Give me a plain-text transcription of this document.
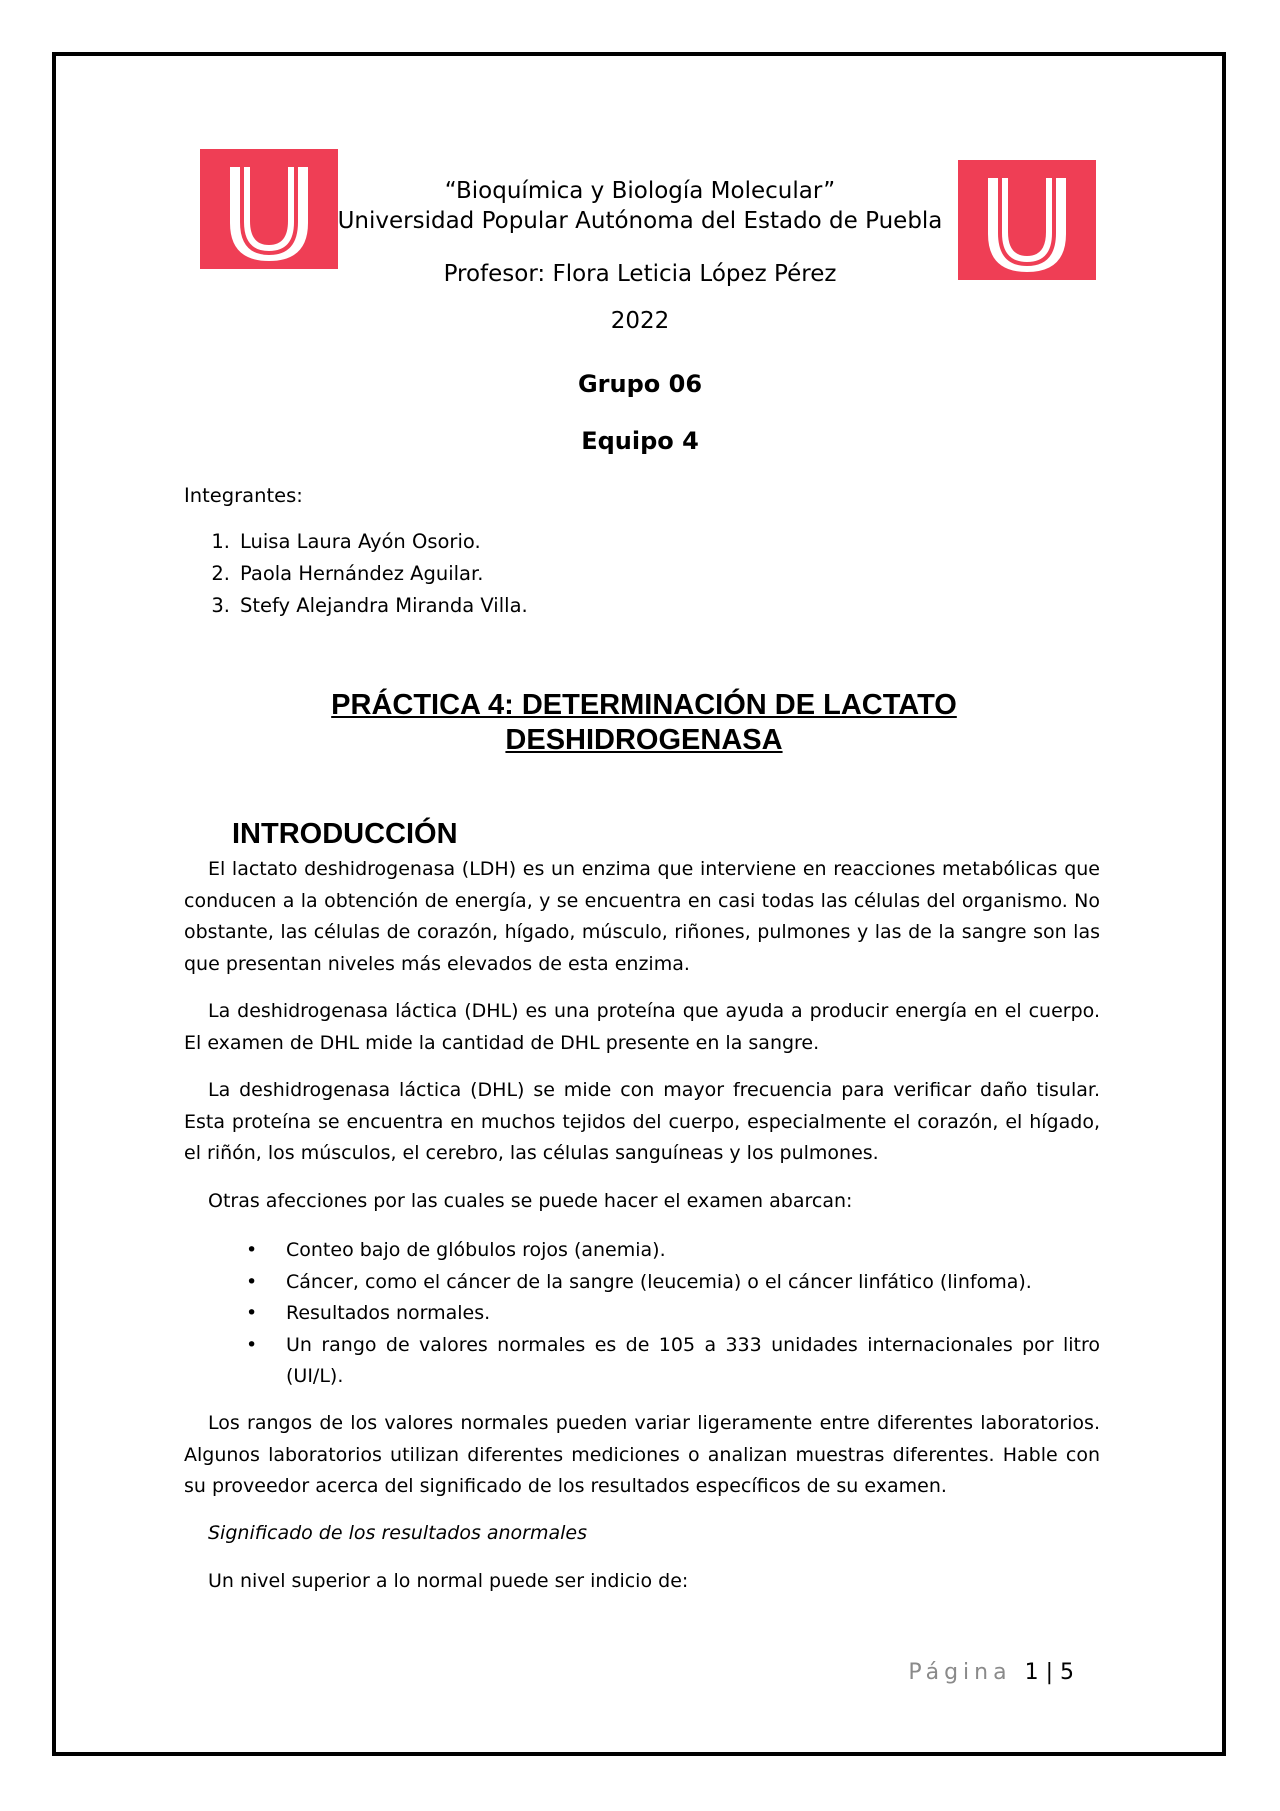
“Bioquímica y Biología Molecular”
Universidad Popular Autónoma del Estado de Puebla
Profesor: Flora Leticia López Pérez
2022
Grupo 06
Equipo 4
Integrantes:
1. Luisa Laura Ayón Osorio.
2. Paola Hernández Aguilar.
3. Stefy Alejandra Miranda Villa.
PRÁCTICA 4: DETERMINACIÓN DE LACTATO
DESHIDROGENASA
INTRODUCCIÓN

El lactato deshidrogenasa (LDH) es un enzima que interviene en reacciones metabólicas que conducen a la obtención de energía, y se encuentra en casi todas las células del organismo. No obstante, las células de corazón, hígado, músculo, riñones, pulmones y las de la sangre son las que presentan niveles más elevados de esta enzima.

La deshidrogenasa láctica (DHL) es una proteína que ayuda a producir energía en el cuerpo. El examen de DHL mide la cantidad de DHL presente en la sangre.

La deshidrogenasa láctica (DHL) se mide con mayor frecuencia para verificar daño tisular. Esta proteína se encuentra en muchos tejidos del cuerpo, especialmente el corazón, el hígado, el riñón, los músculos, el cerebro, las células sanguíneas y los pulmones.

Otras afecciones por las cuales se puede hacer el examen abarcan:

• Conteo bajo de glóbulos rojos (anemia).
• Cáncer, como el cáncer de la sangre (leucemia) o el cáncer linfático (linfoma).
• Resultados normales.
• Un rango de valores normales es de 105 a 333 unidades internacionales por litro (UI/L).

Los rangos de los valores normales pueden variar ligeramente entre diferentes laboratorios. Algunos laboratorios utilizan diferentes mediciones o analizan muestras diferentes. Hable con su proveedor acerca del significado de los resultados específicos de su examen.

Significado de los resultados anormales

Un nivel superior a lo normal puede ser indicio de:

Página 1 | 5
